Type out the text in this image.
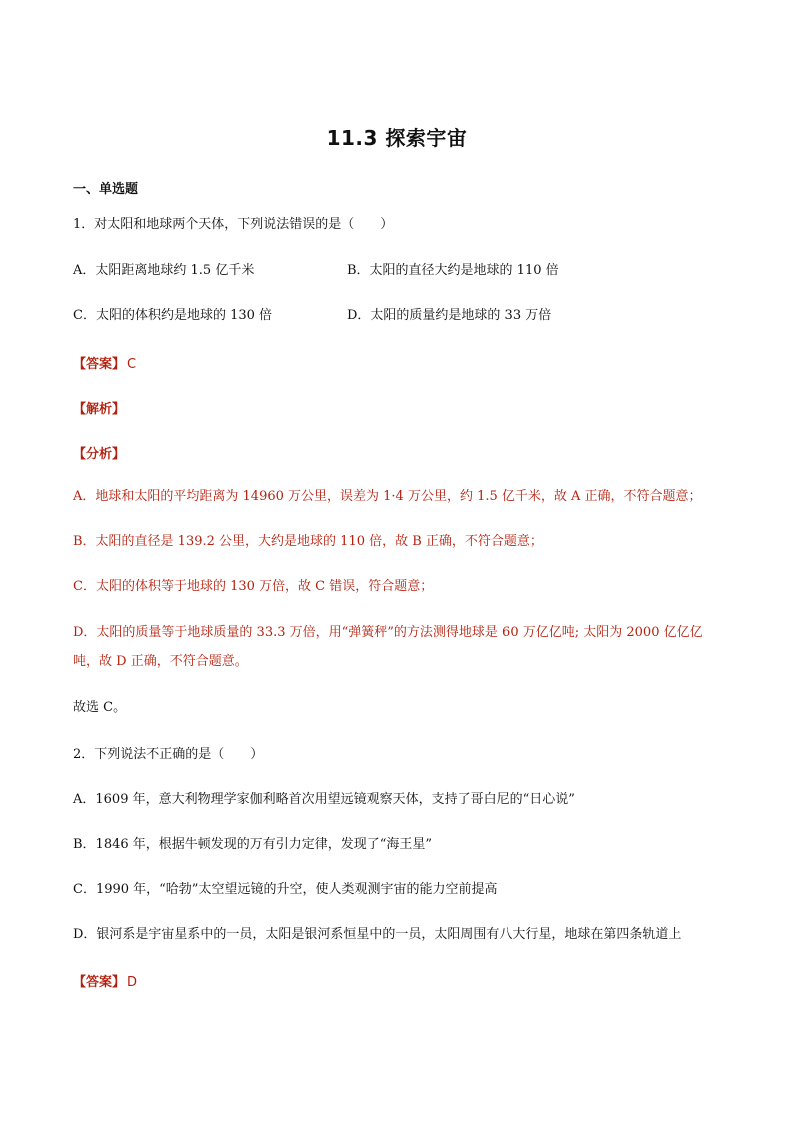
11.3 探索宇宙
一、单选题
1．对太阳和地球两个天体，下列说法错误的是（　　）
A．太阳距离地球约 1.5 亿千米	B．太阳的直径大约是地球的 110 倍
C．太阳的体积约是地球的 130 倍	D．太阳的质量约是地球的 33 万倍
【答案】 C
【解析】
【分析】
A．地球和太阳的平均距离为 14960 万公里，误差为 1·4 万公里，约 1.5 亿千米，故 A 正确，不符合题意；
B．太阳的直径是 139.2 公里，大约是地球的 110 倍，故 B 正确，不符合题意；
C．太阳的体积等于地球的 130 万倍，故 C 错误，符合题意；
D．太阳的质量等于地球质量的 33.3 万倍，用“弹簧秤”的方法测得地球是 60 万亿亿吨; 太阳为 2000 亿亿亿
吨，故 D 正确，不符合题意。
故选 C。
2．下列说法不正确的是（　　）
A．1609 年，意大利物理学家伽利略首次用望远镜观察天体，支持了哥白尼的“日心说”
B．1846 年，根据牛顿发现的万有引力定律，发现了“海王星”
C．1990 年，“哈勃”太空望远镜的升空，使人类观测宇宙的能力空前提高
D．银河系是宇宙星系中的一员，太阳是银河系恒星中的一员，太阳周围有八大行星，地球在第四条轨道上
【答案】 D
